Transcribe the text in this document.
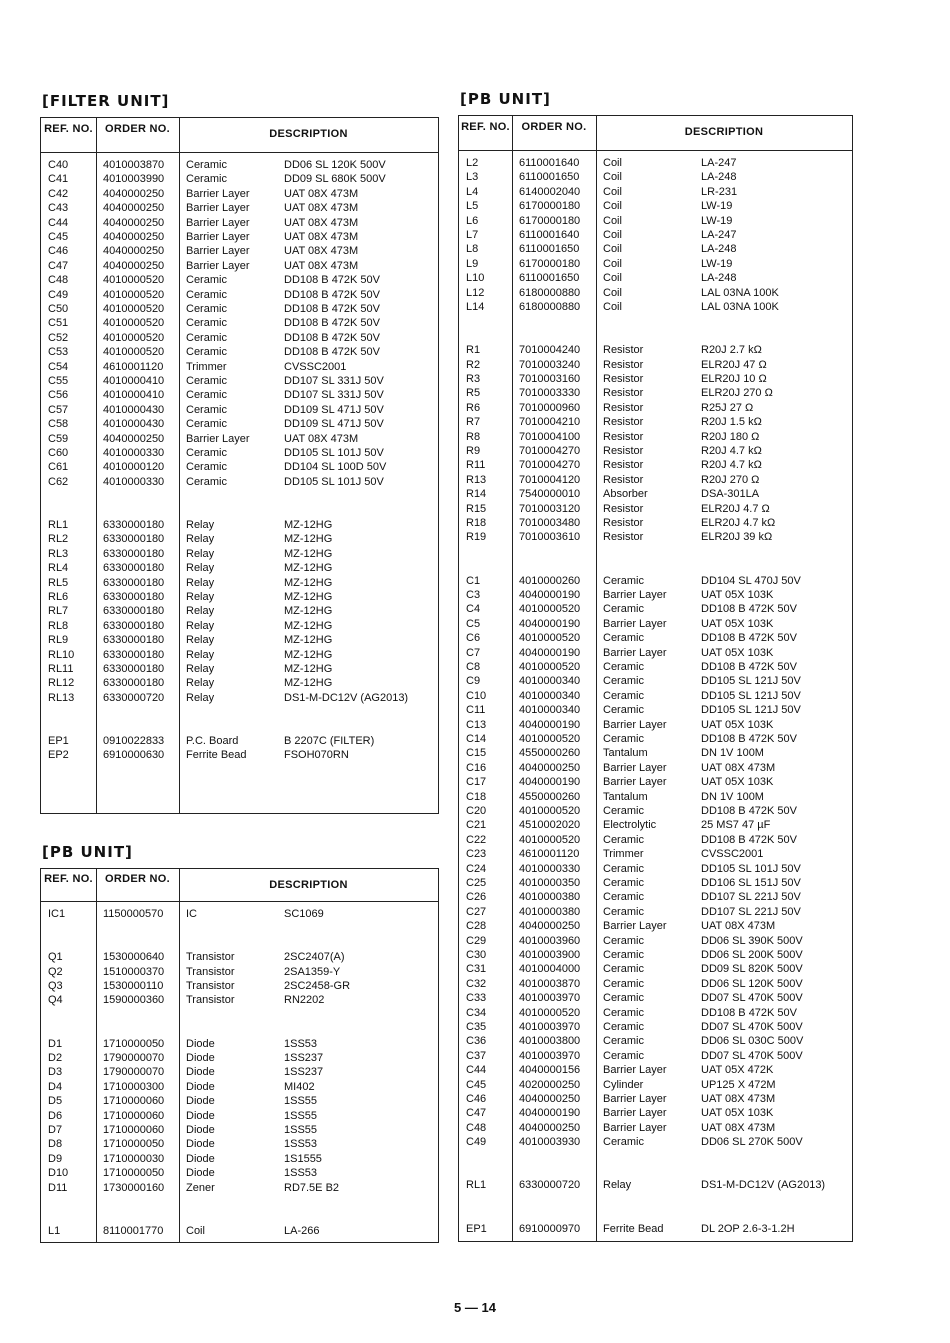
[FILTER UNIT]
REF. NO.	ORDER NO.	DESCRIPTION
C40	4010003870 Ceramic	DD06 SL 120K 500V
C41	4010003990 Ceramic	DD09 SL 680K 500V
C42	4040000250 Barrier Layer	UAT 08X 473M
C43	4040000250 Barrier Layer	UAT 08X 473M
C44	4040000250 Barrier Layer	UAT 08X 473M
C45	4040000250 Barrier Layer	UAT 08X 473M
C46	4040000250 Barrier Layer	UAT 08X 473M
C47	4040000250 Barrier Layer	UAT 08X 473M
C48	4010000520 Ceramic	DD108 B 472K 50V
C49	4010000520 Ceramic	DD108 B 472K 50V
C50	4010000520 Ceramic	DD108 B 472K 50V
C51	4010000520 Ceramic	DD108 B 472K 50V
C52	4010000520 Ceramic	DD108 B 472K 50V
C53	4010000520 Ceramic	DD108 B 472K 50V
C54	4610001120 Trimmer	CVSSC2001
C55	4010000410 Ceramic	DD107 SL 331J 50V
C56	4010000410 Ceramic	DD107 SL 331J 50V
C57	4010000430 Ceramic	DD109 SL 471J 50V
C58	4010000430 Ceramic	DD109 SL 471J 50V
C59	4040000250 Barrier Layer	UAT 08X 473M
C60	4010000330 Ceramic	DD105 SL 101J 50V
C61	4010000120 Ceramic	DD104 SL 100D 50V
C62	4010000330 Ceramic	DD105 SL 101J 50V
RL1	6330000180 Relay	MZ-12HG
RL2	6330000180 Relay	MZ-12HG
RL3	6330000180 Relay	MZ-12HG
RL4	6330000180 Relay	MZ-12HG
RL5	6330000180 Relay	MZ-12HG
RL6	6330000180 Relay	MZ-12HG
RL7	6330000180 Relay	MZ-12HG
RL8	6330000180 Relay	MZ-12HG
RL9	6330000180 Relay	MZ-12HG
RL10	6330000180 Relay	MZ-12HG
RL11	6330000180 Relay	MZ-12HG
RL12	6330000180 Relay	MZ-12HG
RL13	6330000720 Relay	DS1-M-DC12V (AG2013)
EP1	0910022833 P.C. Board	B 2207C (FILTER)
EP2	6910000630 Ferrite Bead	FSOH070RN
[PB UNIT]
REF. NO.	ORDER NO.	DESCRIPTION
IC1	1150000570 IC	SC1069
Q1	1530000640 Transistor	2SC2407(A)
Q2	1510000370 Transistor	2SA1359-Y
Q3	1530000110 Transistor	2SC2458-GR
Q4	1590000360 Transistor	RN2202
D1	1710000050 Diode	1SS53
D2	1790000070 Diode	1SS237
D3	1790000070 Diode	1SS237
D4	1710000300 Diode	MI402
D5	1710000060 Diode	1SS55
D6	1710000060 Diode	1SS55
D7	1710000060 Diode	1SS55
D8	1710000050 Diode	1SS53
D9	1710000030 Diode	1S1555
D10	1710000050 Diode	1SS53
D11	1730000160 Zener	RD7.5E B2
L1	8110001770 Coil	LA-266
[PB UNIT]
REF. NO.	ORDER NO.	DESCRIPTION
L2	6110001640 Coil	LA-247
L3	6110001650 Coil	LA-248
L4	6140002040 Coil	LR-231
L5	6170000180 Coil	LW-19
L6	6170000180 Coil	LW-19
L7	6110001640 Coil	LA-247
L8	6110001650 Coil	LA-248
L9	6170000180 Coil	LW-19
L10	6110001650 Coil	LA-248
L12	6180000880 Coil	LAL 03NA 100K
L14	6180000880 Coil	LAL 03NA 100K
R1	7010004240 Resistor	R20J 2.7 kΩ
R2	7010003240 Resistor	ELR20J 47 Ω
R3	7010003160 Resistor	ELR20J 10 Ω
R5	7010003330 Resistor	ELR20J 270 Ω
R6	7010000960 Resistor	R25J 27 Ω
R7	7010004210 Resistor	R20J 1.5 kΩ
R8	7010004100 Resistor	R20J 180 Ω
R9	7010004270 Resistor	R20J 4.7 kΩ
R11	7010004270 Resistor	R20J 4.7 kΩ
R13	7010004120 Resistor	R20J 270 Ω
R14	7540000010 Absorber	DSA-301LA
R15	7010003120 Resistor	ELR20J 4.7 Ω
R18	7010003480 Resistor	ELR20J 4.7 kΩ
R19	7010003610 Resistor	ELR20J 39 kΩ
C1	4010000260 Ceramic	DD104 SL 470J 50V
C3	4040000190 Barrier Layer	UAT 05X 103K
C4	4010000520 Ceramic	DD108 B 472K 50V
C5	4040000190 Barrier Layer	UAT 05X 103K
C6	4010000520 Ceramic	DD108 B 472K 50V
C7	4040000190 Barrier Layer	UAT 05X 103K
C8	4010000520 Ceramic	DD108 B 472K 50V
C9	4010000340 Ceramic	DD105 SL 121J 50V
C10	4010000340 Ceramic	DD105 SL 121J 50V
C11	4010000340 Ceramic	DD105 SL 121J 50V
C13	4040000190 Barrier Layer	UAT 05X 103K
C14	4010000520 Ceramic	DD108 B 472K 50V
C15	4550000260 Tantalum	DN 1V 100M
C16	4040000250 Barrier Layer	UAT 08X 473M
C17	4040000190 Barrier Layer	UAT 05X 103K
C18	4550000260 Tantalum	DN 1V 100M
C20	4010000520 Ceramic	DD108 B 472K 50V
C21	4510002020 Electrolytic	25 MS7 47 µF
C22	4010000520 Ceramic	DD108 B 472K 50V
C23	4610001120 Trimmer	CVSSC2001
C24	4010000330 Ceramic	DD105 SL 101J 50V
C25	4010000350 Ceramic	DD106 SL 151J 50V
C26	4010000380 Ceramic	DD107 SL 221J 50V
C27	4010000380 Ceramic	DD107 SL 221J 50V
C28	4040000250 Barrier Layer	UAT 08X 473M
C29	4010003960 Ceramic	DD06 SL 390K 500V
C30	4010003900 Ceramic	DD06 SL 200K 500V
C31	4010004000 Ceramic	DD09 SL 820K 500V
C32	4010003870 Ceramic	DD06 SL 120K 500V
C33	4010003970 Ceramic	DD07 SL 470K 500V
C34	4010000520 Ceramic	DD108 B 472K 50V
C35	4010003970 Ceramic	DD07 SL 470K 500V
C36	4010003800 Ceramic	DD06 SL 030C 500V
C37	4010003970 Ceramic	DD07 SL 470K 500V
C44	4040000156 Barrier Layer	UAT 05X 472K
C45	4020000250 Cylinder	UP125 X 472M
C46	4040000250 Barrier Layer	UAT 08X 473M
C47	4040000190 Barrier Layer	UAT 05X 103K
C48	4040000250 Barrier Layer	UAT 08X 473M
C49	4010003930 Ceramic	DD06 SL 270K 500V
RL1	6330000720 Relay	DS1-M-DC12V (AG2013)
EP1	6910000970 Ferrite Bead	DL 2OP 2.6-3-1.2H
5 — 14
